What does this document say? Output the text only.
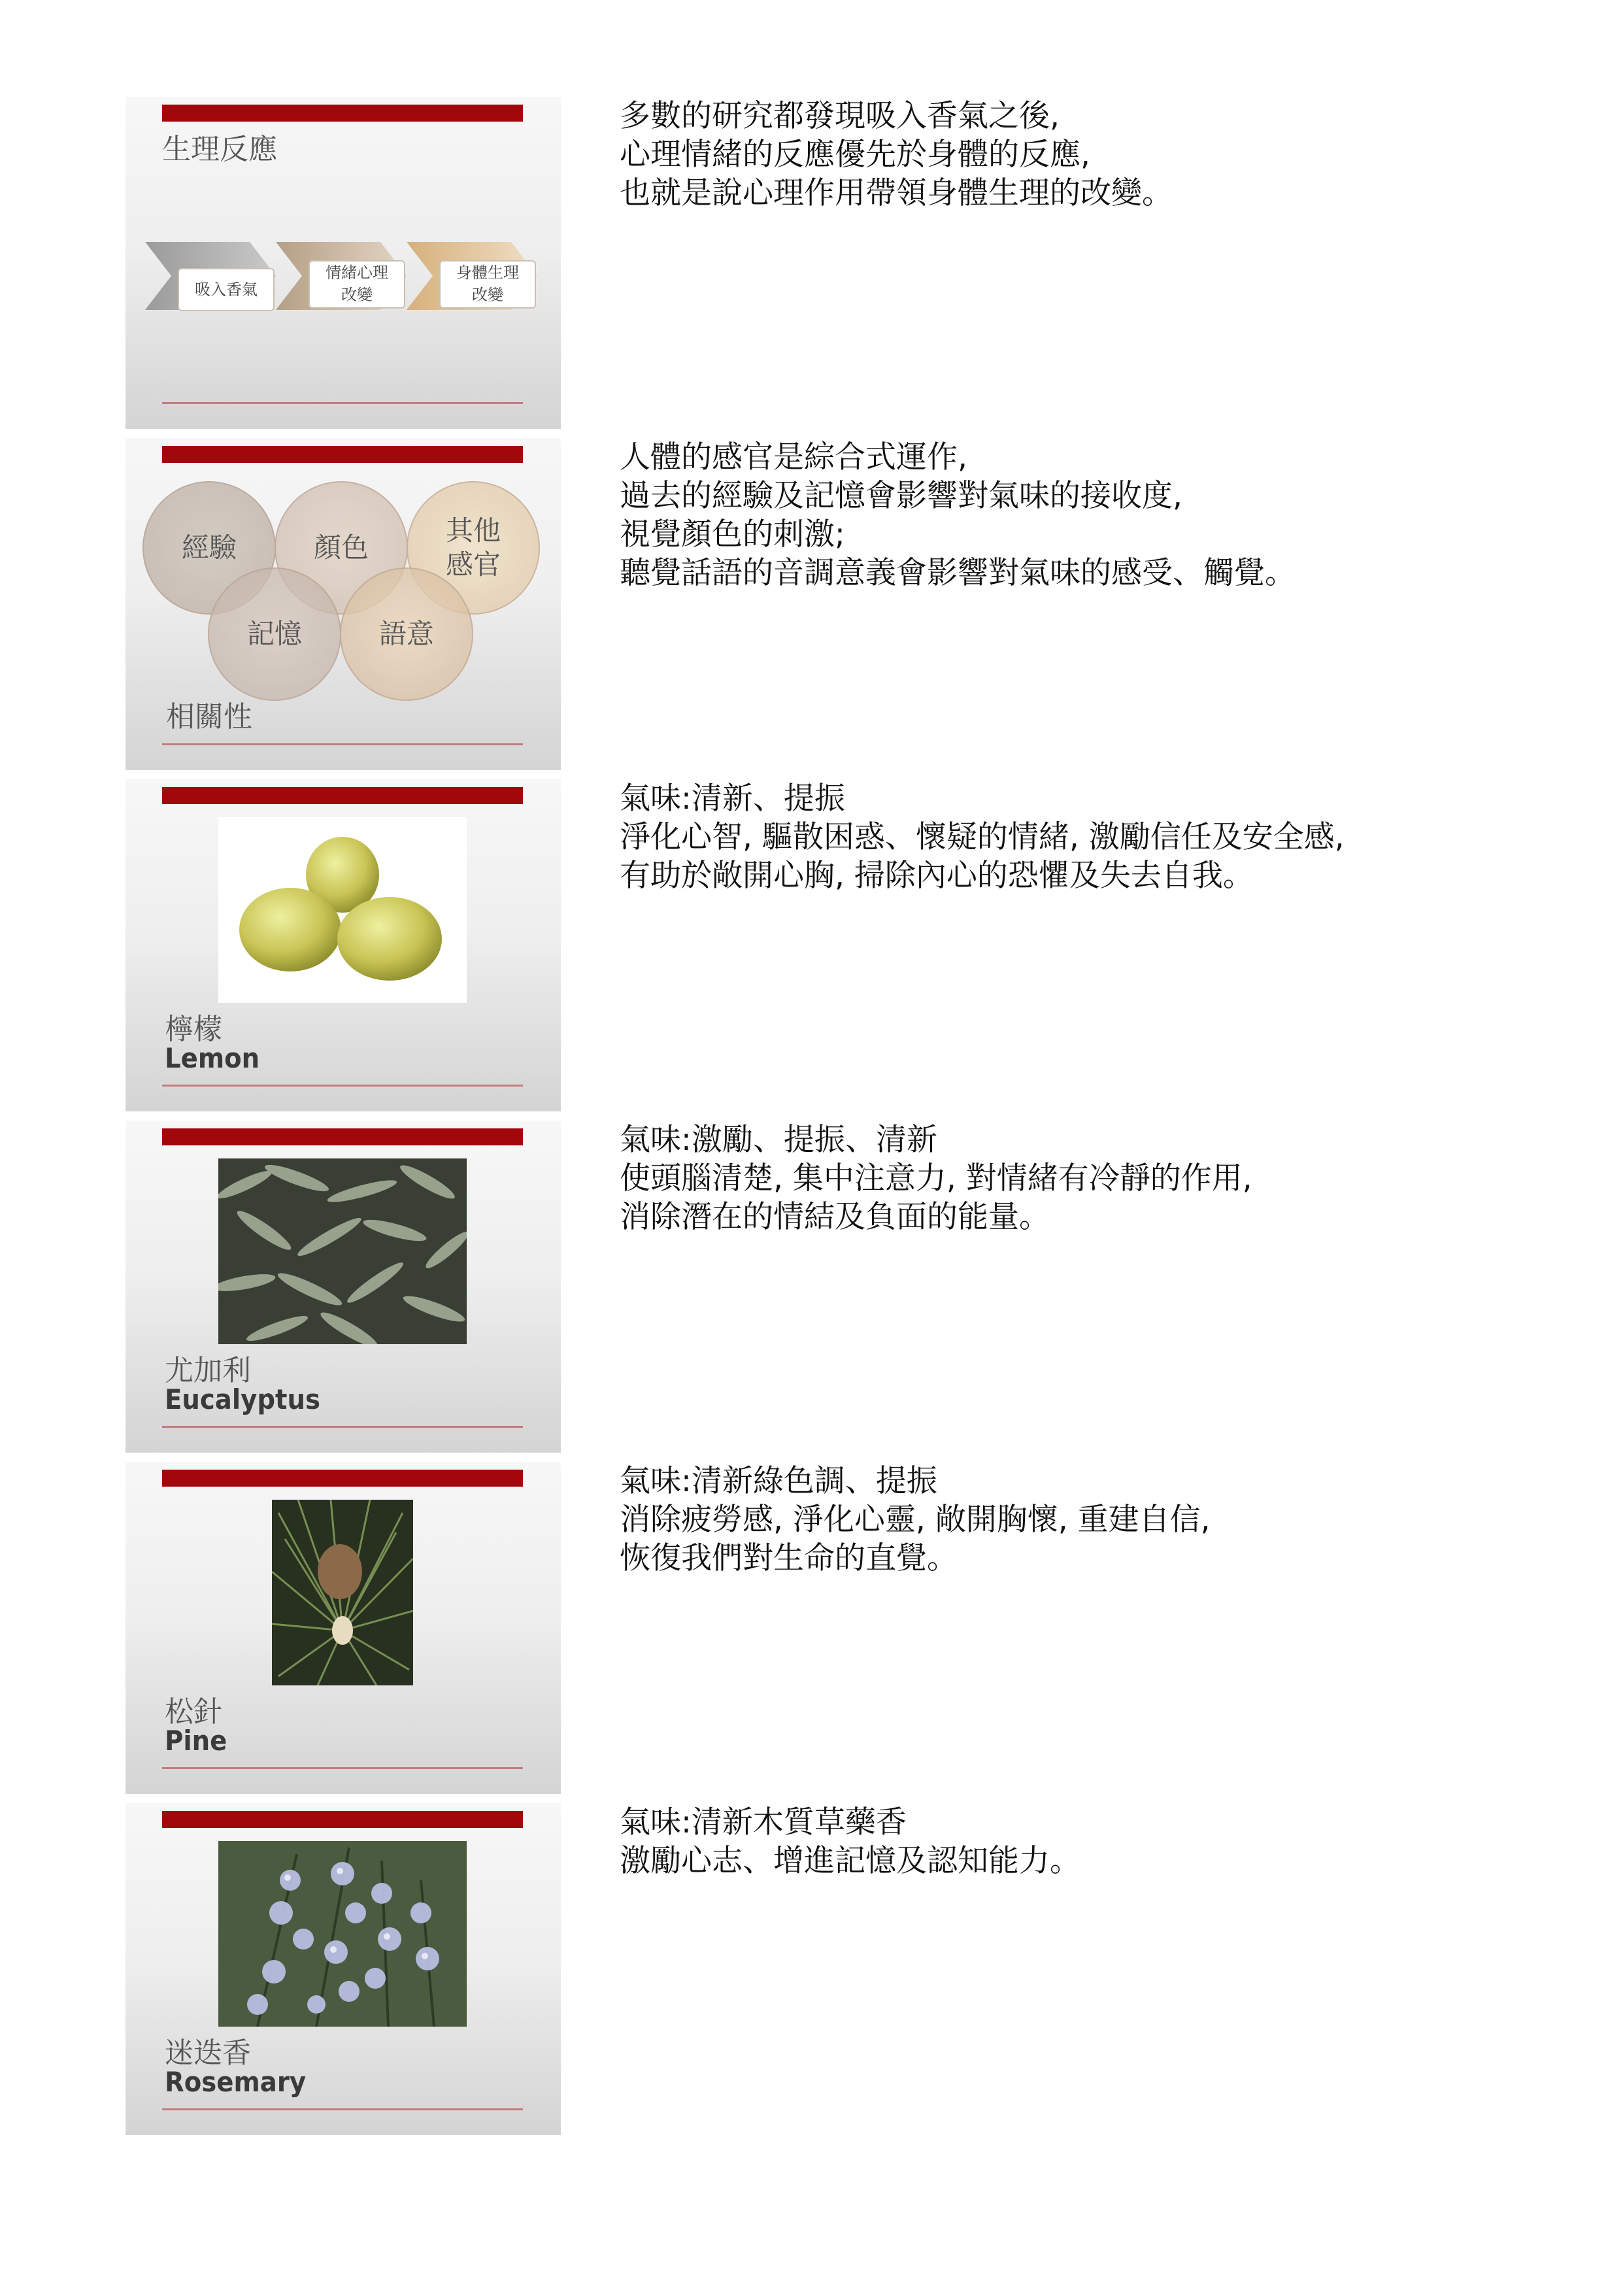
生理反應
吸入香氣
情緒心理
改變
身體生理
改變

多數的研究都發現吸入香氣之後,

心理情緒的反應優先於身體的反應,

也就是說心理作用帶領身體生理的改變。

經驗	顏色
其他
感官
記憶	語意
相關性

人體的感官是綜合式運作,

過去的經驗及記憶會影響對氣味的接收度,

視覺顏色的刺激;

聽覺話語的音調意義會影響對氣味的感受、觸覺。

檸檬
Lemon

氣味:清新、提振

淨化心智, 驅散困惑、懷疑的情緒, 激勵信任及安全感,

有助於敞開心胸, 掃除內心的恐懼及失去自我。

尤加利
Eucalyptus

氣味:激勵、提振、清新

使頭腦清楚, 集中注意力, 對情緒有冷靜的作用,

消除潛在的情結及負面的能量。

松針
Pine

氣味:清新綠色調、提振

消除疲勞感, 淨化心靈, 敞開胸懷, 重建自信,

恢復我們對生命的直覺。

迷迭香
Rosemary

氣味:清新木質草藥香

激勵心志、增進記憶及認知能力。
